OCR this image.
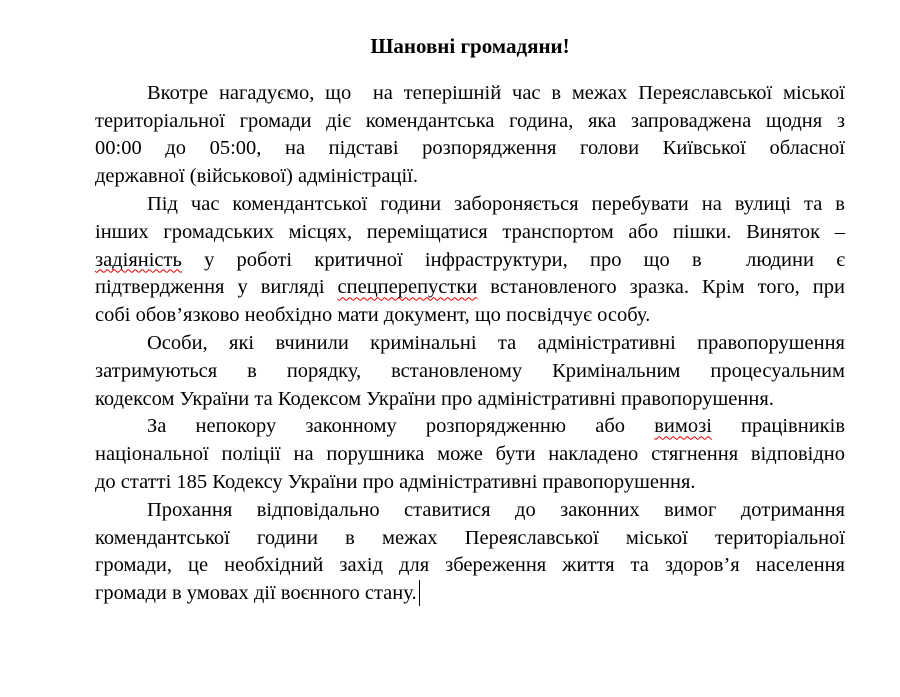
Шановні громадяни!
Вкотре нагадуємо, що  на теперішній час в межах Переяславської міської
територіальної громади діє комендантська година, яка запроваджена щодня з
00:00 до 05:00, на підставі розпорядження голови Київської обласної
державної (військової) адміністрації.
Під час комендантської години забороняється перебувати на вулиці та в
інших громадських місцях, переміщатися транспортом або пішки. Виняток –
задіяність у роботі критичної інфраструктури, про що в  людини є
підтвердження у вигляді спецперепустки встановленого зразка. Крім того, при
собі обов’язково необхідно мати документ, що посвідчує особу.
Особи, які вчинили кримінальні та адміністративні правопорушення
затримуються в порядку, встановленому Кримінальним процесуальним
кодексом України та Кодексом України про адміністративні правопорушення.
За непокору законному розпорядженню або вимозі працівників
національної поліції на порушника може бути накладено стягнення відповідно
до статті 185 Кодексу України про адміністративні правопорушення.
Прохання відповідально ставитися до законних вимог дотримання
комендантської години в межах Переяславської міської територіальної
громади, це необхідний захід для збереження життя та здоров’я населення
громади в умовах дії воєнного стану.
